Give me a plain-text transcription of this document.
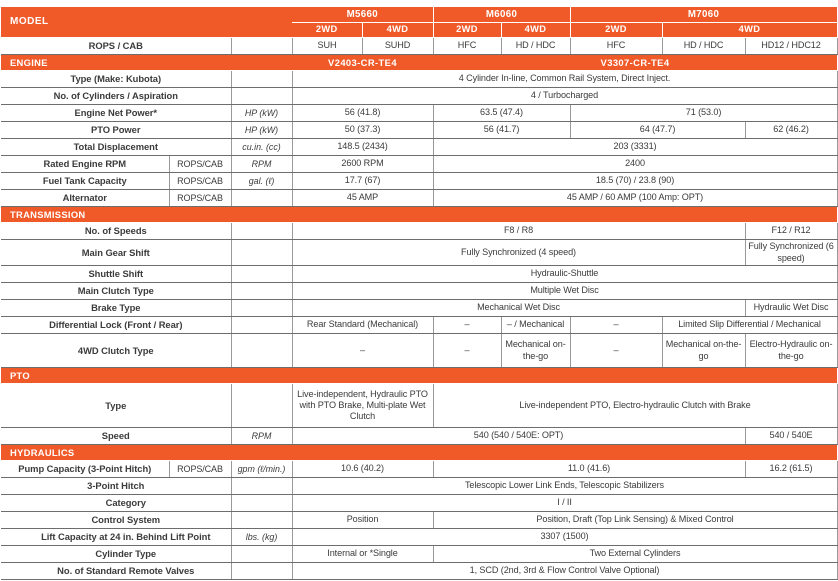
MODEL			M5660		M6060		M7060		
			2WD	4WD	2WD	4WD	2WD	4WD	
ROPS / CAB			SUH	SUHD	HFC	HD / HDC	HFC	HD / HDC	HD12 / HDC12
ENGINE			V2403-CR-TE4		V3307-CR-TE4				
Type (Make: Kubota)			4 Cylinder In-line, Common Rail System, Direct Inject.						
No. of Cylinders / Aspiration			4 / Turbocharged						
Engine Net Power*		HP (kW)	56 (41.8)		63.5 (47.4)		71 (53.0)		
PTO Power		HP (kW)	50 (37.3)		56 (41.7)		64 (47.7)		62 (46.2)
Total Displacement		cu.in. (cc)	148.5 (2434)		203 (3331)				
Rated Engine RPM	ROPS/CAB	RPM	2600 RPM		2400				
Fuel Tank Capacity	ROPS/CAB	gal. (ℓ)	17.7 (67)		18.5 (70) / 23.8 (90)				
Alternator	ROPS/CAB		45 AMP		45 AMP / 60 AMP (100 Amp: OPT)				
TRANSMISSION									
No. of Speeds			F8 / R8						F12 / R12
Main Gear Shift			Fully Synchronized (4 speed)						Fully Synchronized (6 speed)
Shuttle Shift			Hydraulic-Shuttle						
Main Clutch Type			Multiple Wet Disc						
Brake Type			Mechanical Wet Disc						Hydraulic Wet Disc
Differential Lock (Front / Rear)			Rear Standard (Mechanical)		–	– / Mechanical	–	Limited Slip Differential / Mechanical	
4WD Clutch Type			–		–	Mechanical on-the-go	–	Mechanical on-the-go	Electro-Hydraulic on-the-go
PTO									
Type			Live-independent, Hydraulic PTO with PTO Brake, Multi-plate Wet Clutch		Live-independent PTO, Electro-hydraulic Clutch with Brake				
Speed		RPM	540 (540 / 540E: OPT)						540 / 540E
HYDRAULICS									
Pump Capacity (3-Point Hitch)	ROPS/CAB	gpm (ℓ/min.)	10.6 (40.2)		11.0 (41.6)				16.2 (61.5)
3-Point Hitch			Telescopic Lower Link Ends, Telescopic Stabilizers						
Category			I / II						
Control System			Position		Position, Draft (Top Link Sensing) & Mixed Control				
Lift Capacity at 24 in. Behind Lift Point		lbs. (kg)	3307 (1500)						
Cylinder Type			Internal or *Single		Two External Cylinders				
No. of Standard Remote Valves			1, SCD (2nd, 3rd & Flow Control Valve Optional)						
